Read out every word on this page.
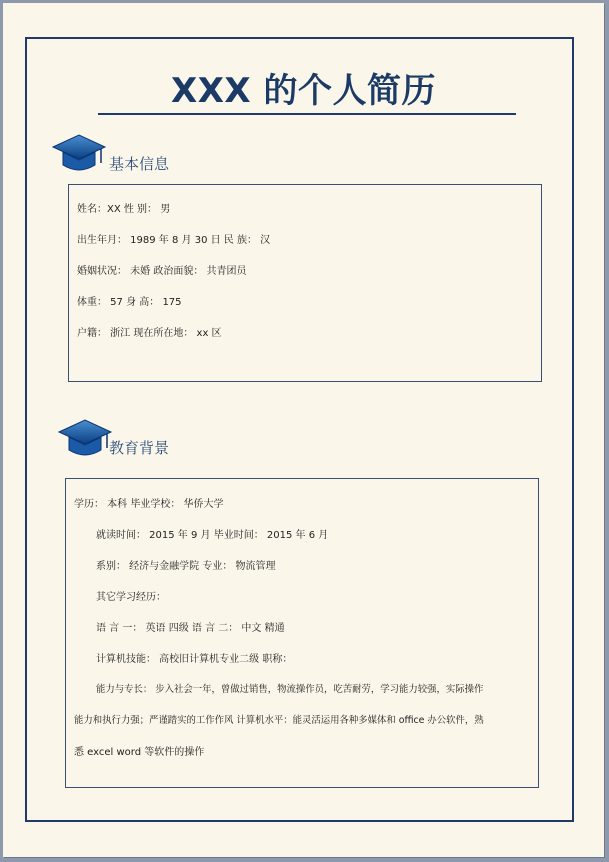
XXX 的个人简历
基本信息
姓名：XX 性 别： 男
出生年月： 1989 年 8 月 30 日 民 族： 汉
婚姻状况： 未婚 政治面貌： 共青团员
体重： 57 身 高： 175
户籍： 浙江 现在所在地： xx 区
教育背景
学历： 本科 毕业学校： 华侨大学
就读时间： 2015 年 9 月 毕业时间： 2015 年 6 月
系别： 经济与金融学院 专业： 物流管理
其它学习经历：
语 言 一： 英语 四级 语 言 二： 中文 精通
计算机技能： 高校旧计算机专业二级 职称：
能力与专长： 步入社会一年，曾做过销售，物流操作员，吃苦耐劳，学习能力较强，实际操作
能力和执行力强；严谨踏实的工作作风 计算机水平：能灵活运用各种多媒体和 office 办公软件，熟
悉 excel word 等软件的操作
